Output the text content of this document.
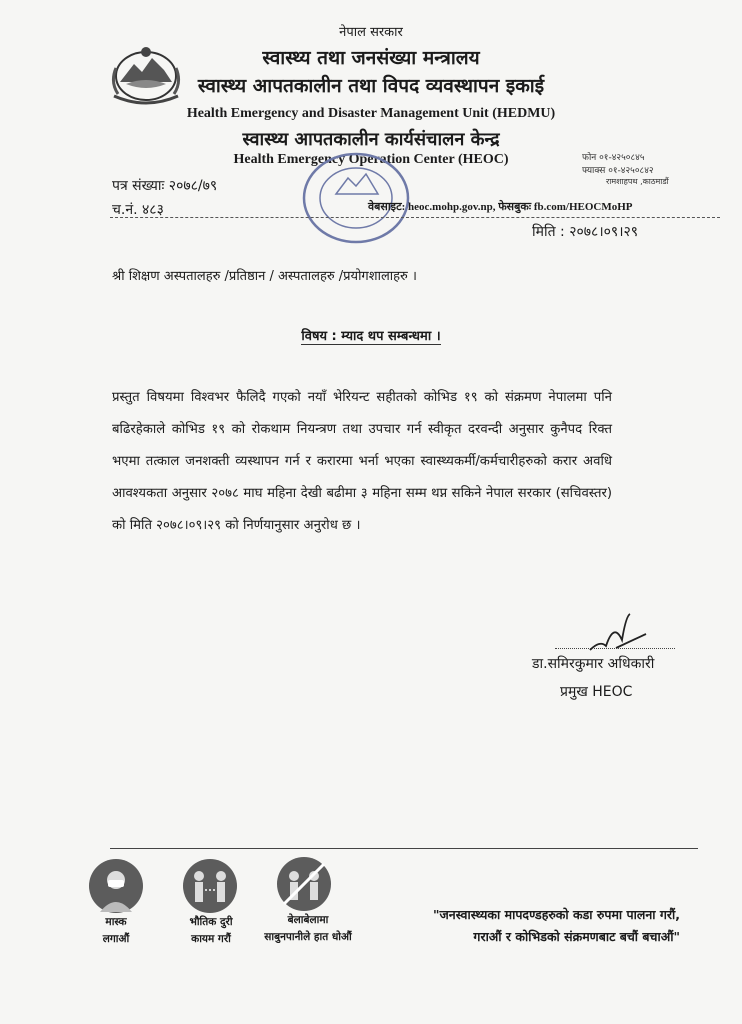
नेपाल सरकार
स्वास्थ्य तथा जनसंख्या मन्त्रालय
स्वास्थ्य आपतकालीन तथा विपद व्यवस्थापन इकाई
Health Emergency and Disaster Management Unit (HEDMU)
स्वास्थ्य आपतकालीन कार्यसंचालन केन्द्र
Health Emergency Operation Center (HEOC)	फोन ०१-४२५०८४५
फ्याक्स ०१-४२५०८४२
रामशाहपथ ,काठमाडौं
पत्र संख्याः २०७८/७९
च.नं. ४८३	वेबसाइट: heoc.mohp.gov.np, फेसबुकः fb.com/HEOCMoHP
मिति : २०७८।०९।२९
श्री शिक्षण अस्पतालहरु /प्रतिष्ठान / अस्पतालहरु /प्रयोगशालाहरु ।
विषय : म्याद थप सम्बन्धमा ।
प्रस्तुत विषयमा विश्वभर फैलिदै गएको नयाँ भेरियन्ट सहीतको कोभिड १९ को संक्रमण नेपालमा पनि बढिरहेकाले कोभिड १९ को रोकथाम नियन्त्रण तथा उपचार गर्न स्वीकृत दरवन्दी अनुसार कुनैपद रिक्त भएमा तत्काल जनशक्ती व्यस्थापन गर्न र करारमा भर्ना भएका स्वास्थ्यकर्मी/कर्मचारीहरुको करार अवधि आवश्यकता अनुसार २०७८ माघ महिना देखी बढीमा ३ महिना सम्म थप्न सकिने नेपाल सरकार (सचिवस्तर) को मिति २०७८।०९।२९ को निर्णयानुसार अनुरोध छ ।
डा.समिरकुमार अधिकारी
प्रमुख HEOC
मास्क
लगाऔं
भौतिक दुरी
कायम गरौं
बेलाबेलामा
साबुनपानीले हात धोऔं
"जनस्वास्थ्यका मापदण्डहरुको कडा रुपमा पालना गरौं,
गराऔं र कोभिडको संक्रमणबाट बचौं बचाऔं"
